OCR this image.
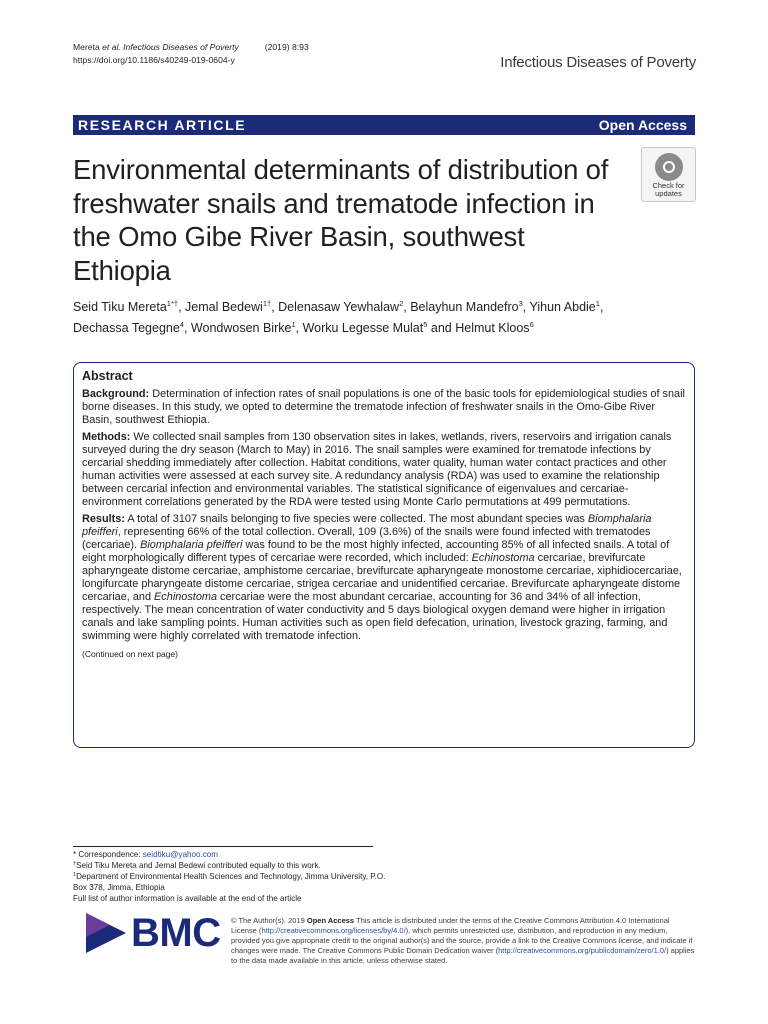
Mereta et al. Infectious Diseases of Poverty	(2019) 8:93
https://doi.org/10.1186/s40249-019-0604-y	Infectious Diseases of Poverty
RESEARCH ARTICLE	Open Access
Environmental determinants of distribution of freshwater snails and trematode infection in the Omo Gibe River Basin, southwest Ethiopia
Check for
updates
Seid Tiku Mereta$^{1*\dagger}$, Jemal Bedewi$^{1\dagger}$, Delenasaw Yewhalaw$^2$, Belayhun Mandefro$^3$, Yihun Abdie$^1$,
Dechassa Tegegne$^4$, Wondwosen Birke$^1$, Worku Legesse Mulat$^5$ and Helmut Kloos$^6$
Abstract

Background: Determination of infection rates of snail populations is one of the basic tools for epidemiological studies of snail borne diseases. In this study, we opted to determine the trematode infection of freshwater snails in the Omo-Gibe River Basin, southwest Ethiopia.

Methods: We collected snail samples from 130 observation sites in lakes, wetlands, rivers, reservoirs and irrigation canals surveyed during the dry season (March to May) in 2016. The snail samples were examined for trematode infections by cercarial shedding immediately after collection. Habitat conditions, water quality, human water contact practices and other human activities were assessed at each survey site. A redundancy analysis (RDA) was used to examine the relationship between cercarial infection and environmental variables. The statistical significance of eigenvalues and cercariae-environment correlations generated by the RDA were tested using Monte Carlo permutations at 499 permutations.

Results: A total of 3107 snails belonging to five species were collected. The most abundant species was Biomphalaria pfeifferi, representing 66% of the total collection. Overall, 109 (3.6%) of the snails were found infected with trematodes (cercariae). Biomphalaria pfeifferi was found to be the most highly infected, accounting 85% of all infected snails. A total of eight morphologically different types of cercariae were recorded, which included: Echinostoma cercariae, brevifurcate apharyngeate distome cercariae, amphistome cercariae, brevifurcate apharyngeate monostome cercariae, xiphidiocercariae, longifurcate pharyngeate distome cercariae, strigea cercariae and unidentified cercariae. Brevifurcate apharyngeate distome cercariae, and Echinostoma cercariae were the most abundant cercariae, accounting for 36 and 34% of all infection, respectively. The mean concentration of water conductivity and 5 days biological oxygen demand were higher in irrigation canals and lake sampling points. Human activities such as open field defecation, urination, livestock grazing, farming, and swimming were highly correlated with trematode infection.

(Continued on next page)
* Correspondence: seidtiku@yahoo.com
†Seid Tiku Mereta and Jemal Bedewi contributed equally to this work.
$^1$Department of Environmental Health Sciences and Technology, Jimma University, P.O. Box 378, Jimma, Ethiopia
Full list of author information is available at the end of the article
BMC © The Author(s). 2019 Open Access This article is distributed under the terms of the Creative Commons Attribution 4.0 International License (http://creativecommons.org/licenses/by/4.0/), which permits unrestricted use, distribution, and reproduction in any medium, provided you give appropriate credit to the original author(s) and the source, provide a link to the Creative Commons license, and indicate if changes were made. The Creative Commons Public Domain Dedication waiver (http://creativecommons.org/publicdomain/zero/1.0/) applies to the data made available in this article, unless otherwise stated.
